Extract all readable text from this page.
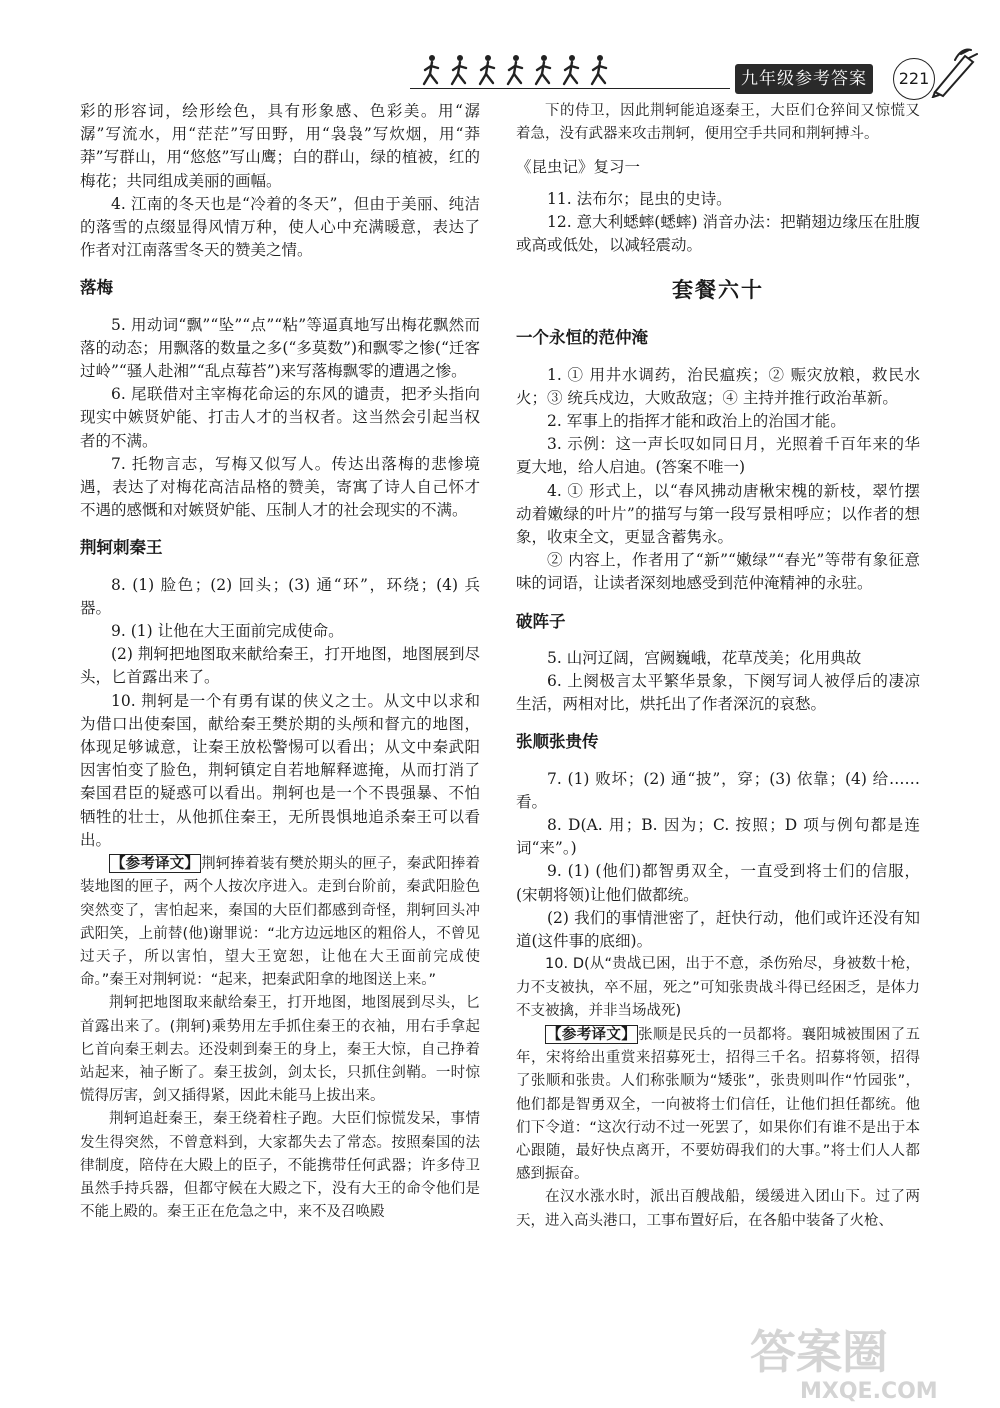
九年级参考答案	221

彩的形容词，绘形绘色，具有形象感、色彩美。用“潺潺”写流水，用“茫茫”写田野，用“袅袅”写炊烟，用“莽莽”写群山，用“悠悠”写山鹰；白的群山，绿的植被，红的梅花；共同组成美丽的画幅。

4. 江南的冬天也是“冷着的冬天”，但由于美丽、纯洁的落雪的点缀显得风情万种，使人心中充满暖意，表达了作者对江南落雪冬天的赞美之情。

落梅

5. 用动词“飘”“坠”“点”“粘”等逼真地写出梅花飘然而落的动态；用飘落的数量之多(“多莫数”)和飘零之惨(“迁客过岭”“骚人赴湘”“乱点莓苔”)来写落梅飘零的遭遇之惨。

6. 尾联借对主宰梅花命运的东风的谴责，把矛头指向现实中嫉贤妒能、打击人才的当权者。这当然会引起当权者的不满。

7. 托物言志，写梅又似写人。传达出落梅的悲惨境遇，表达了对梅花高洁品格的赞美，寄寓了诗人自己怀才不遇的感慨和对嫉贤妒能、压制人才的社会现实的不满。

荆轲刺秦王

8. (1) 脸色；(2) 回头；(3) 通“环”，环绕；(4) 兵器。

9. (1) 让他在大王面前完成使命。

(2) 荆轲把地图取来献给秦王，打开地图，地图展到尽头，匕首露出来了。

10. 荆轲是一个有勇有谋的侠义之士。从文中以求和为借口出使秦国，献给秦王樊於期的头颅和督亢的地图，体现足够诚意，让秦王放松警惕可以看出；从文中秦武阳因害怕变了脸色，荆轲镇定自若地解释遮掩，从而打消了秦国君臣的疑惑可以看出。荆轲也是一个不畏强暴、不怕牺牲的壮士，从他抓住秦王，无所畏惧地追杀秦王可以看出。

【参考译文】 荆轲捧着装有樊於期头的匣子，秦武阳捧着装地图的匣子，两个人按次序进入。走到台阶前，秦武阳脸色突然变了，害怕起来，秦国的大臣们都感到奇怪，荆轲回头冲武阳笑，上前替(他)谢罪说：“北方边远地区的粗俗人，不曾见过天子，所以害怕，望大王宽恕，让他在大王面前完成使命。”秦王对荆轲说：“起来，把秦武阳拿的地图送上来。”

荆轲把地图取来献给秦王，打开地图，地图展到尽头，匕首露出来了。(荆轲)乘势用左手抓住秦王的衣袖，用右手拿起匕首向秦王刺去。还没刺到秦王的身上，秦王大惊，自己挣着站起来，袖子断了。秦王拔剑，剑太长，只抓住剑鞘。一时惊慌得厉害，剑又插得紧，因此未能马上拔出来。

荆轲追赶秦王，秦王绕着柱子跑。大臣们惊慌发呆，事情发生得突然，不曾意料到，大家都失去了常态。按照秦国的法律制度，陪侍在大殿上的臣子，不能携带任何武器；许多侍卫虽然手持兵器，但都守候在大殿之下，没有大王的命令他们是不能上殿的。秦王正在危急之中，来不及召唤殿

下的侍卫，因此荆轲能追逐秦王，大臣们仓猝间又惊慌又着急，没有武器来攻击荆轲，便用空手共同和荆轲搏斗。

《昆虫记》复习一

11. 法布尔；昆虫的史诗。

12. 意大利蟋蟀(蟋蟀) 消音办法：把鞘翅边缘压在肚腹或高或低处，以减轻震动。

套餐六十
一个永恒的范仲淹

1. ① 用井水调药，治民瘟疾；② 赈灾放粮，救民水火；③ 统兵戍边，大败敌寇；④ 主持并推行政治革新。

2. 军事上的指挥才能和政治上的治国才能。

3. 示例：这一声长叹如同日月，光照着千百年来的华夏大地，给人启迪。(答案不唯一)

4. ① 形式上，以“春风拂动唐楸宋槐的新枝，翠竹摆动着嫩绿的叶片”的描写与第一段写景相呼应；以作者的想象，收束全文，更显含蓄隽永。

② 内容上，作者用了“新”“嫩绿”“春光”等带有象征意味的词语，让读者深刻地感受到范仲淹精神的永驻。

破阵子

5. 山河辽阔，宫阙巍峨，花草茂美；化用典故

6. 上阕极言太平繁华景象，下阕写词人被俘后的凄凉生活，两相对比，烘托出了作者深沉的哀愁。

张顺张贵传

7. (1) 败坏；(2) 通“披”，穿；(3) 依靠；(4) 给……看。

8. D(A. 用；B. 因为；C. 按照；D 项与例句都是连词“来”。)

9. (1) (他们)都智勇双全，一直受到将士们的信服，(宋朝将领)让他们做都统。

(2) 我们的事情泄密了，赶快行动，他们或许还没有知道(这件事的底细)。

10. D(从“贵战已困，出于不意，杀伤殆尽，身被数十枪，力不支被执，卒不屈，死之”可知张贵战斗得已经困乏，是体力不支被擒，并非当场战死)

【参考译文】 张顺是民兵的一员都将。襄阳城被围困了五年，宋将给出重赏来招募死士，招得三千名。招募将领，招得了张顺和张贵。人们称张顺为“矮张”，张贵则叫作“竹园张”，他们都是智勇双全，一向被将士们信任，让他们担任都统。他们下令道：“这次行动不过一死罢了，如果你们有谁不是出于本心跟随，最好快点离开，不要妨碍我们的大事。”将士们人人都感到振奋。

在汉水涨水时，派出百艘战船，缓缓进入团山下。过了两天，进入高头港口，工事布置好后，在各船中装备了火枪、

答案圈
MXQE.COM
